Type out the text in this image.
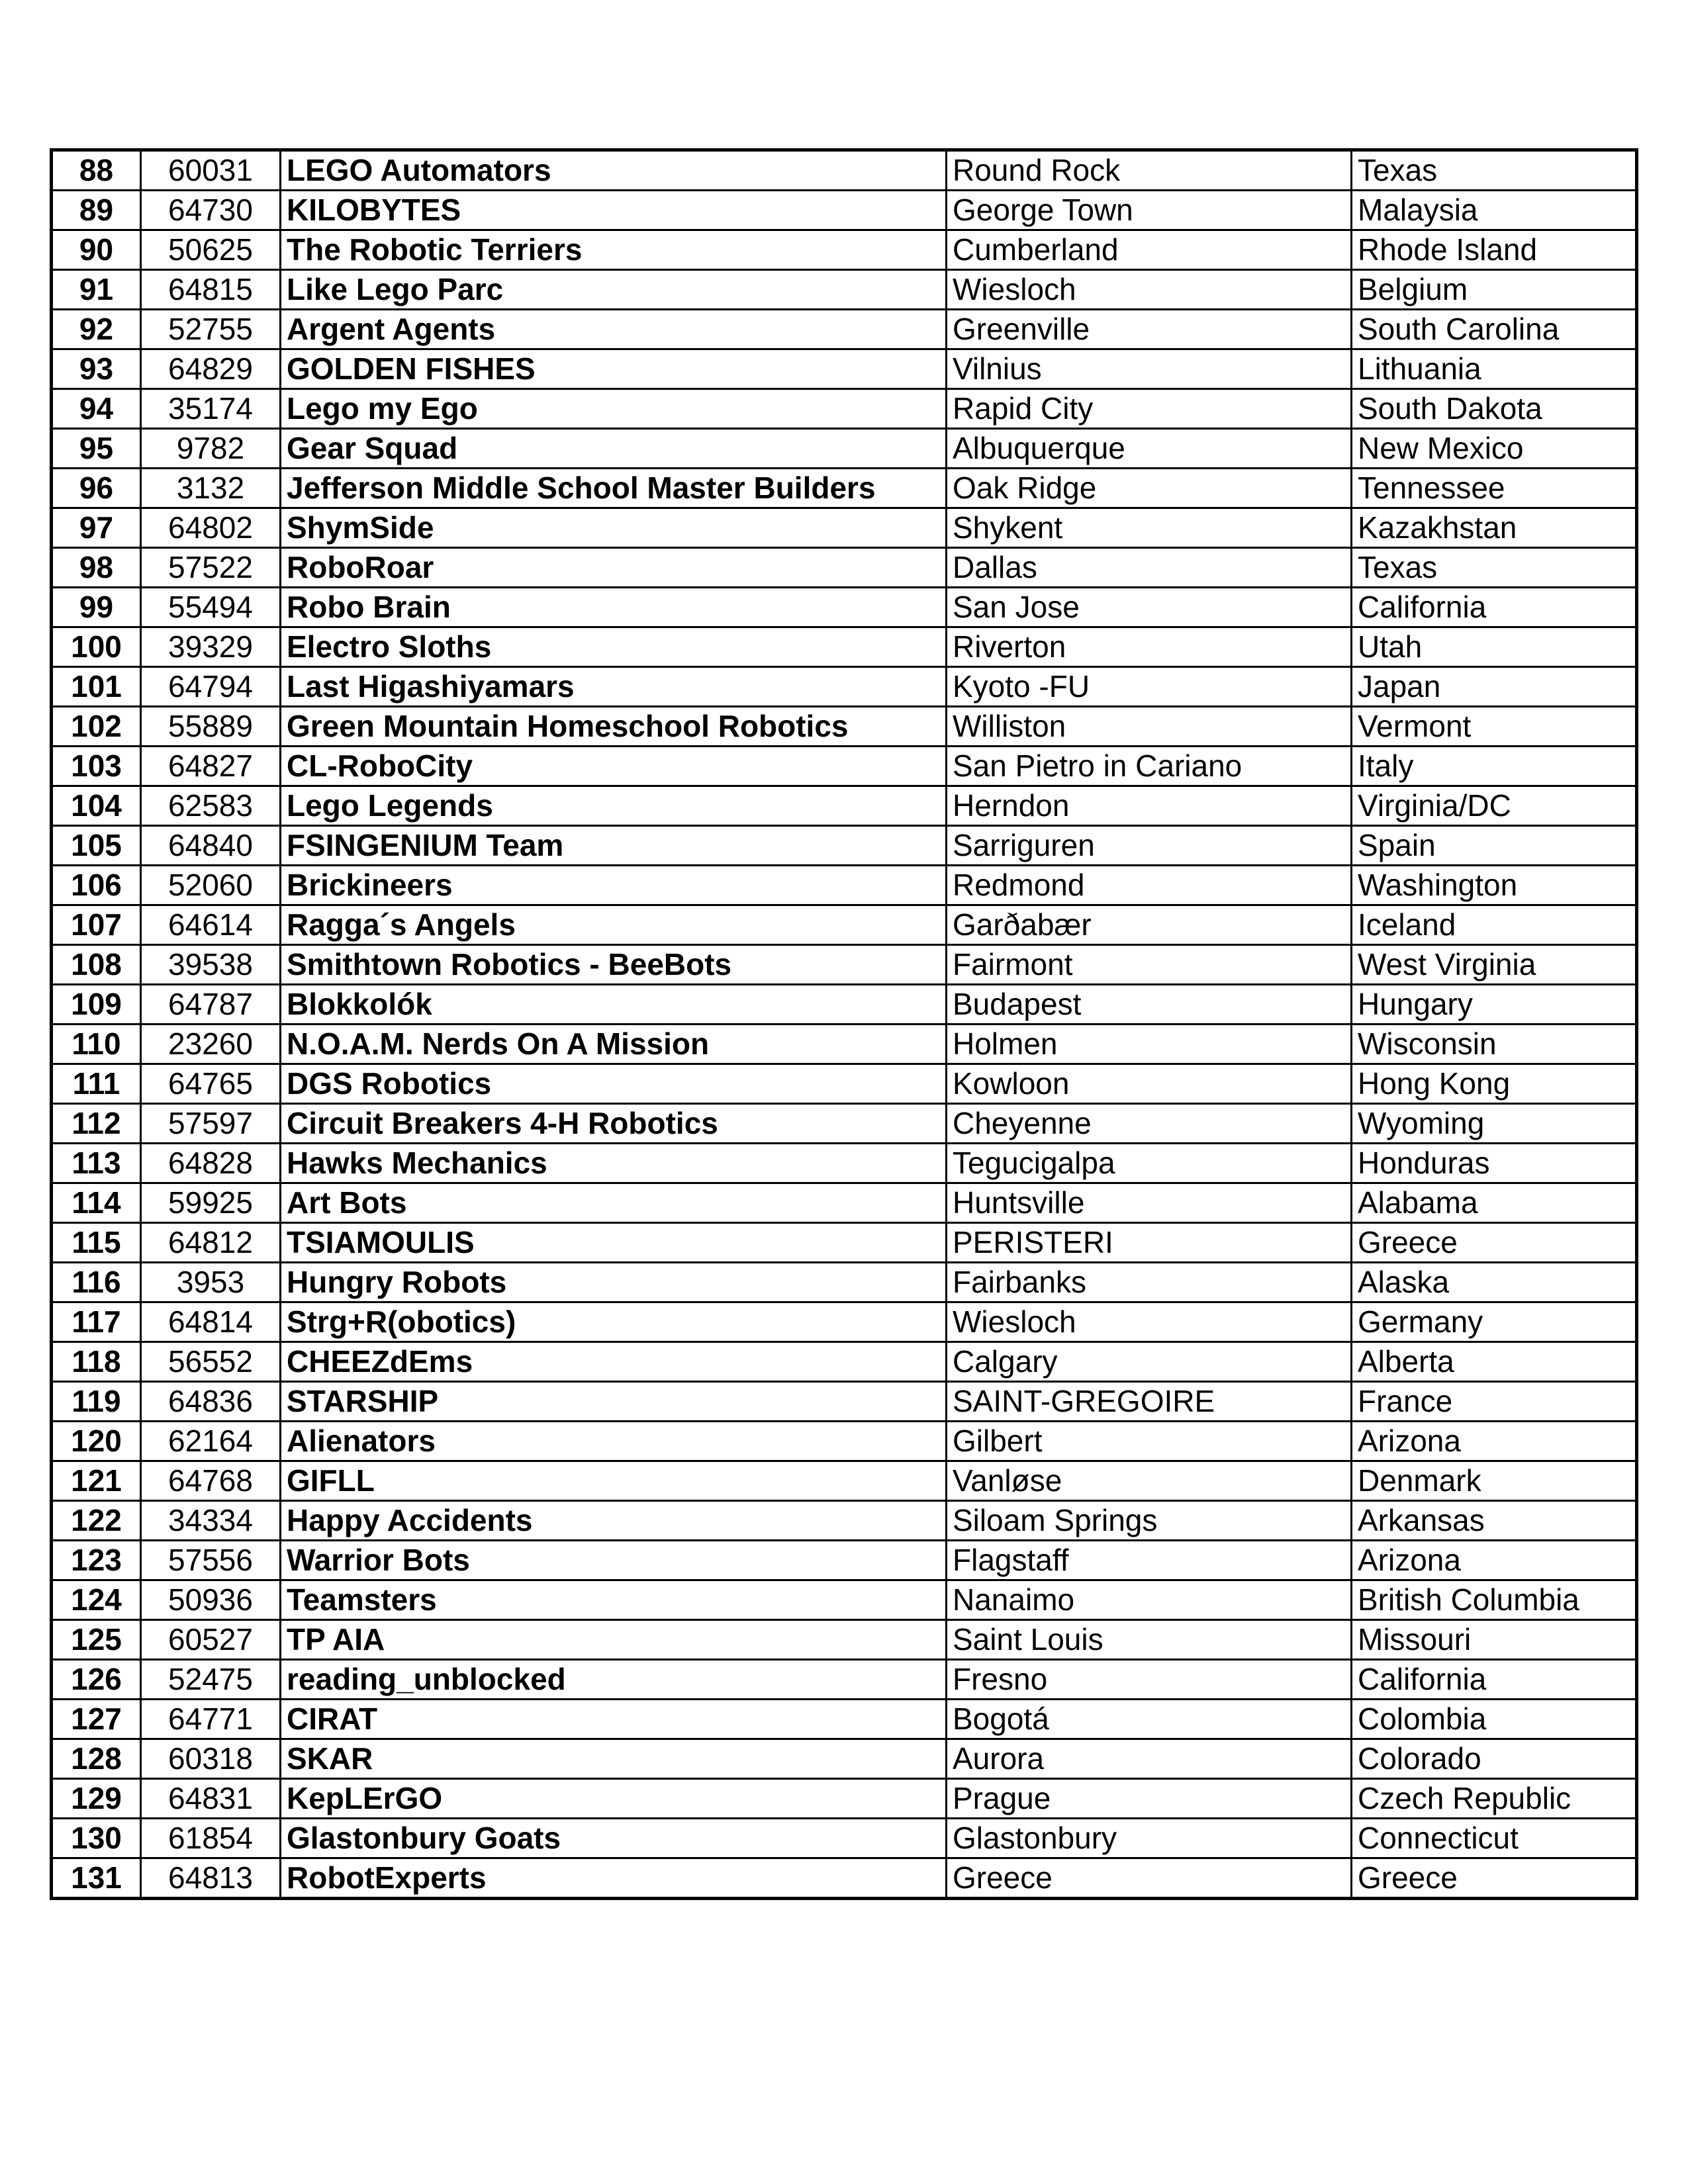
88	60031	LEGO Automators	Round Rock	Texas
89	64730	KILOBYTES	George Town	Malaysia
90	50625	The Robotic Terriers	Cumberland	Rhode Island
91	64815	Like Lego Parc	Wiesloch	Belgium
92	52755	Argent Agents	Greenville	South Carolina
93	64829	GOLDEN FISHES	Vilnius	Lithuania
94	35174	Lego my Ego	Rapid City	South Dakota
95	9782	Gear Squad	Albuquerque	New Mexico
96	3132	Jefferson Middle School Master Builders	Oak Ridge	Tennessee
97	64802	ShymSide	Shykent	Kazakhstan
98	57522	RoboRoar	Dallas	Texas
99	55494	Robo Brain	San Jose	California
100	39329	Electro Sloths	Riverton	Utah
101	64794	Last Higashiyamars	Kyoto -FU	Japan
102	55889	Green Mountain Homeschool Robotics	Williston	Vermont
103	64827	CL-RoboCity	San Pietro in Cariano	Italy
104	62583	Lego Legends	Herndon	Virginia/DC
105	64840	FSINGENIUM Team	Sarriguren	Spain
106	52060	Brickineers	Redmond	Washington
107	64614	Ragga´s Angels	Garðabær	Iceland
108	39538	Smithtown Robotics - BeeBots	Fairmont	West Virginia
109	64787	Blokkolók	Budapest	Hungary
110	23260	N.O.A.M. Nerds On A Mission	Holmen	Wisconsin
111	64765	DGS Robotics	Kowloon	Hong Kong
112	57597	Circuit Breakers 4-H Robotics	Cheyenne	Wyoming
113	64828	Hawks Mechanics	Tegucigalpa	Honduras
114	59925	Art Bots	Huntsville	Alabama
115	64812	TSIAMOULIS	PERISTERI	Greece
116	3953	Hungry Robots	Fairbanks	Alaska
117	64814	Strg+R(obotics)	Wiesloch	Germany
118	56552	CHEEZdEms	Calgary	Alberta
119	64836	STARSHIP	SAINT-GREGOIRE	France
120	62164	Alienators	Gilbert	Arizona
121	64768	GIFLL	Vanløse	Denmark
122	34334	Happy Accidents	Siloam Springs	Arkansas
123	57556	Warrior Bots	Flagstaff	Arizona
124	50936	Teamsters	Nanaimo	British Columbia
125	60527	TP AIA	Saint Louis	Missouri
126	52475	reading_unblocked	Fresno	California
127	64771	CIRAT	Bogotá	Colombia
128	60318	SKAR	Aurora	Colorado
129	64831	KepLErGO	Prague	Czech Republic
130	61854	Glastonbury Goats	Glastonbury	Connecticut
131	64813	RobotExperts	Greece	Greece
